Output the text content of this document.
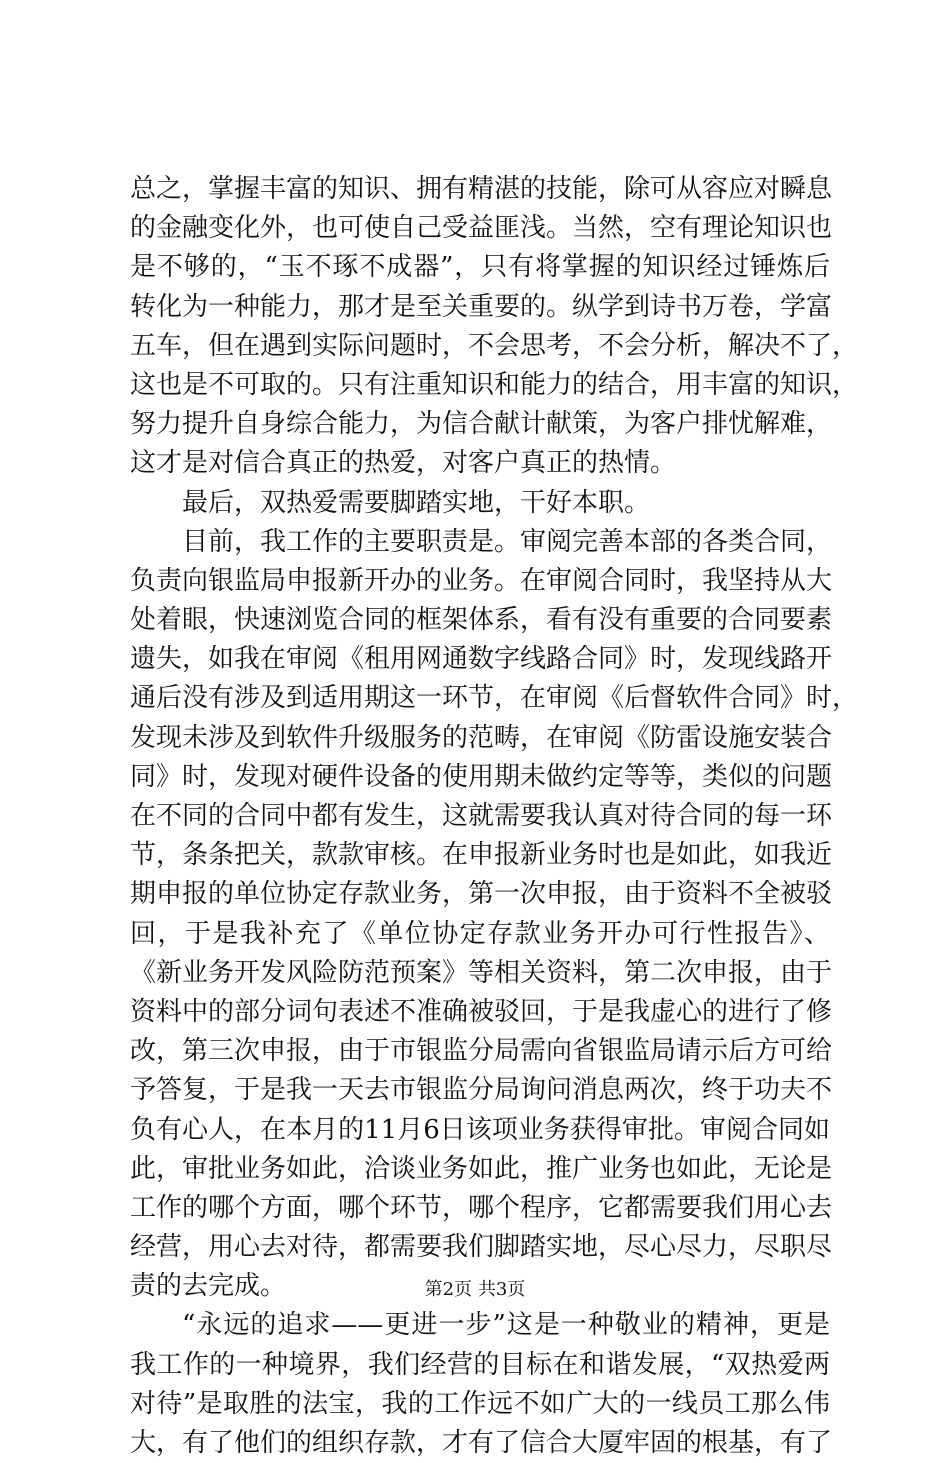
总之，掌握丰富的知识、拥有精湛的技能，除可从容应对瞬息
的金融变化外，也可使自己受益匪浅。当然，空有理论知识也
是不够的，“玉不琢不成器”，只有将掌握的知识经过锤炼后
转化为一种能力，那才是至关重要的。纵学到诗书万卷，学富
五车，但在遇到实际问题时，不会思考，不会分析，解决不了，
这也是不可取的。只有注重知识和能力的结合，用丰富的知识，
努力提升自身综合能力，为信合献计献策，为客户排忧解难，
这才是对信合真正的热爱，对客户真正的热情。
最后，双热爱需要脚踏实地，干好本职。
目前，我工作的主要职责是。审阅完善本部的各类合同，
负责向银监局申报新开办的业务。在审阅合同时，我坚持从大
处着眼，快速浏览合同的框架体系，看有没有重要的合同要素
遗失，如我在审阅《租用网通数字线路合同》时，发现线路开
通后没有涉及到适用期这一环节，在审阅《后督软件合同》时，
发现未涉及到软件升级服务的范畴，在审阅《防雷设施安装合
同》时，发现对硬件设备的使用期未做约定等等，类似的问题
在不同的合同中都有发生，这就需要我认真对待合同的每一环
节，条条把关，款款审核。在申报新业务时也是如此，如我近
期申报的单位协定存款业务，第一次申报，由于资料不全被驳
回，于是我补充了《单位协定存款业务开办可行性报告》、
《新业务开发风险防范预案》等相关资料，第二次申报，由于
资料中的部分词句表述不准确被驳回，于是我虚心的进行了修
改，第三次申报，由于市银监分局需向省银监局请示后方可给
予答复，于是我一天去市银监分局询问消息两次，终于功夫不
负有心人，在本月的11月6日该项业务获得审批。审阅合同如
此，审批业务如此，洽谈业务如此，推广业务也如此，无论是
工作的哪个方面，哪个环节，哪个程序，它都需要我们用心去
经营，用心去对待，都需要我们脚踏实地，尽心尽力，尽职尽
责的去完成。
“永远的追求——更进一步”这是一种敬业的精神，更是
我工作的一种境界，我们经营的目标在和谐发展，“双热爱两
对待”是取胜的法宝，我的工作远不如广大的一线员工那么伟
大，有了他们的组织存款，才有了信合大厦牢固的根基，有了
第2页 共3页
